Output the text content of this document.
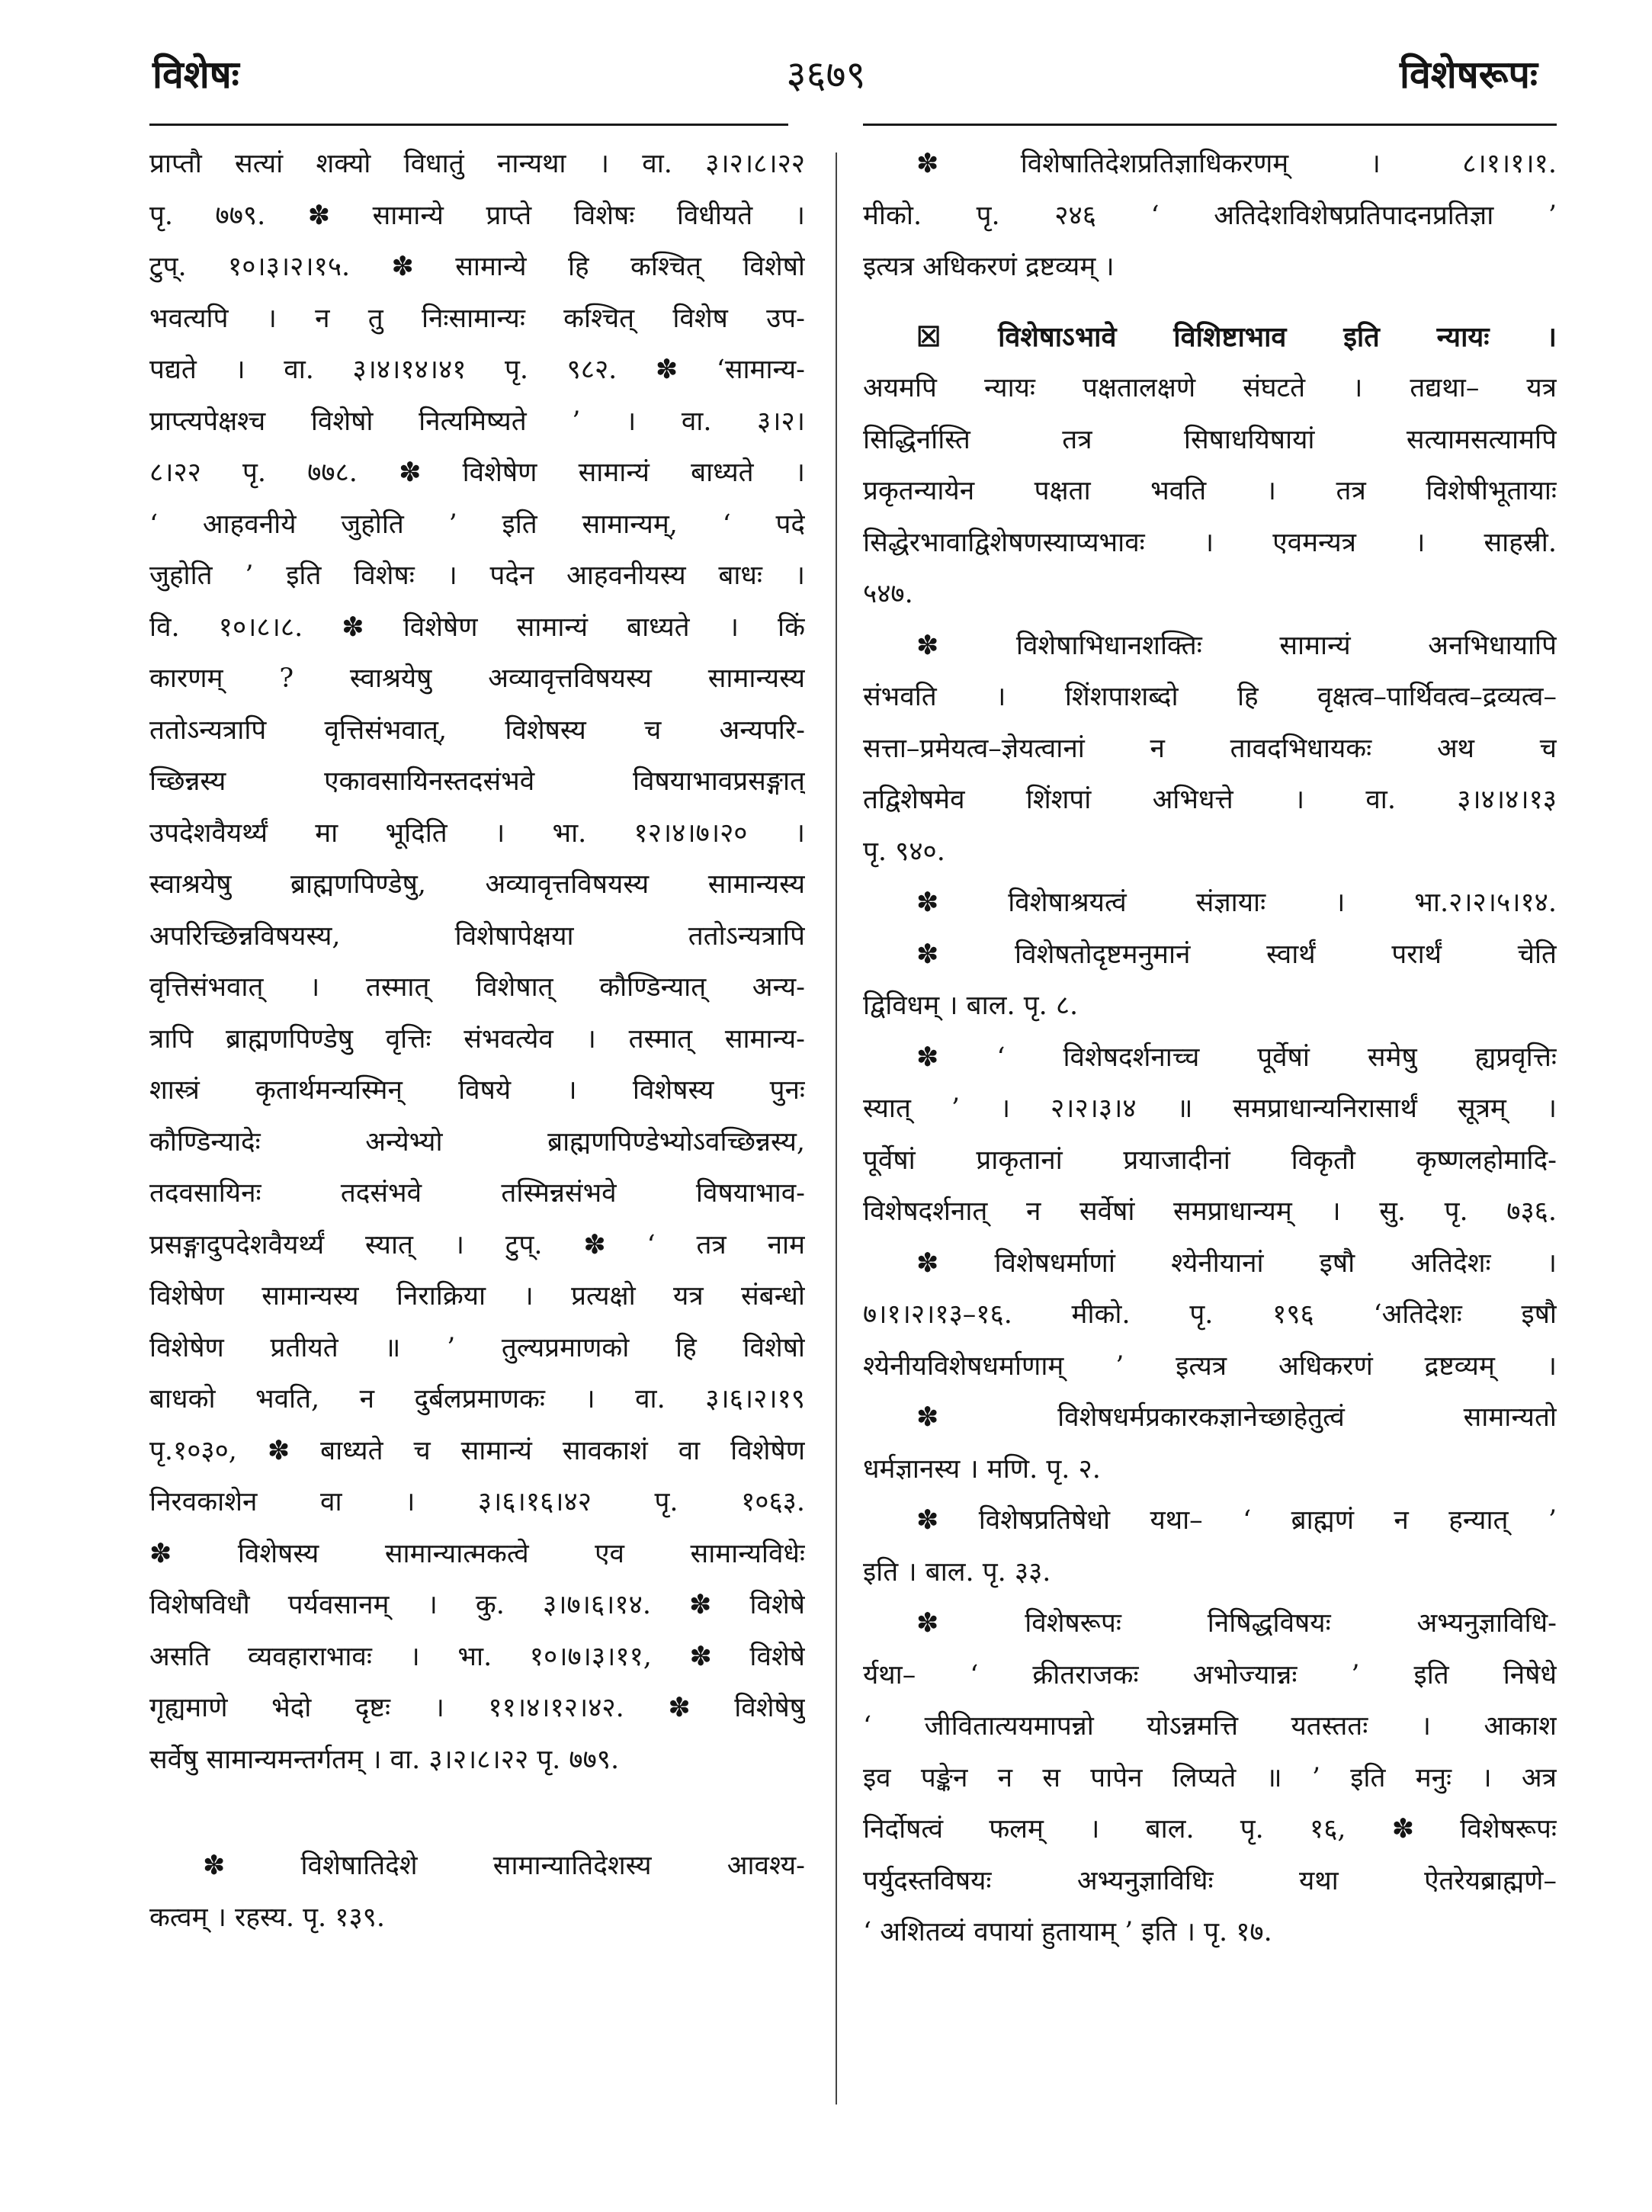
३६७९
विशेषः	विशेषरूपः
प्राप्तौ सत्यां शक्यो विधातुं नान्यथा । वा. ३।२।८।२२
पृ. ७७९. ✽ सामान्ये प्राप्ते विशेषः विधीयते ।
टुप्. १०।३।२।१५. ✽ सामान्ये हि कश्चित् विशेषो
भवत्यपि । न तु निःसामान्यः कश्चित् विशेष उप-
पद्यते । वा. ३।४।१४।४१ पृ. ९८२. ✽ ‘सामान्य-
प्राप्त्यपेक्षश्च विशेषो नित्यमिष्यते ’ । वा. ३।२।
८।२२ पृ. ७७८. ✽ विशेषेण सामान्यं बाध्यते ।
‘ आहवनीये जुहोति ’ इति सामान्यम्, ‘ पदे
जुहोति ’ इति विशेषः । पदेन आहवनीयस्य बाधः ।
वि. १०।८।८. ✽ विशेषेण सामान्यं बाध्यते । किं
कारणम् ? स्वाश्रयेषु अव्यावृत्तविषयस्य सामान्यस्य
ततोऽन्यत्रापि वृत्तिसंभवात्, विशेषस्य च अन्यपरि-
च्छिन्नस्य एकावसायिनस्तदसंभवे विषयाभावप्रसङ्गात्
उपदेशवैयर्थ्यं मा भूदिति । भा. १२।४।७।२० ।
स्वाश्रयेषु ब्राह्मणपिण्डेषु, अव्यावृत्तविषयस्य सामान्यस्य
अपरिच्छिन्नविषयस्य, विशेषापेक्षया ततोऽन्यत्रापि
वृत्तिसंभवात् । तस्मात् विशेषात् कौण्डिन्यात् अन्य-
त्रापि ब्राह्मणपिण्डेषु वृत्तिः संभवत्येव । तस्मात् सामान्य-
शास्त्रं कृतार्थमन्यस्मिन् विषये । विशेषस्य पुनः
कौण्डिन्यादेः अन्येभ्यो ब्राह्मणपिण्डेभ्योऽवच्छिन्नस्य,
तदवसायिनः तदसंभवे तस्मिन्नसंभवे विषयाभाव-
प्रसङ्गादुपदेशवैयर्थ्यं स्यात् । टुप्. ✽ ‘ तत्र नाम
विशेषेण सामान्यस्य निराक्रिया । प्रत्यक्षो यत्र संबन्धो
विशेषेण प्रतीयते ॥ ’ तुल्यप्रमाणको हि विशेषो
बाधको भवति, न दुर्बलप्रमाणकः । वा. ३।६।२।१९
पृ.१०३०, ✽ बाध्यते च सामान्यं सावकाशं वा विशेषेण
निरवकाशेन वा । ३।६।१६।४२ पृ. १०६३.
✽ विशेषस्य सामान्यात्मकत्वे एव सामान्यविधेः
विशेषविधौ पर्यवसानम् । कु. ३।७।६।१४. ✽ विशेषे
असति व्यवहाराभावः । भा. १०।७।३।११, ✽ विशेषे
गृह्यमाणे भेदो दृष्टः । ११।४।१२।४२. ✽ विशेषेषु
सर्वेषु सामान्यमन्तर्गतम् । वा. ३।२।८।२२ पृ. ७७९.
✽ विशेषातिदेशे सामान्यातिदेशस्य आवश्य-
कत्वम् । रहस्य. पृ. १३९.
✽ विशेषातिदेशप्रतिज्ञाधिकरणम् । ८।१।१।१.
मीको. पृ. २४६ ‘ अतिदेशविशेषप्रतिपादनप्रतिज्ञा ’
इत्यत्र अधिकरणं द्रष्टव्यम् ।
☒ विशेषाऽभावे विशिष्टाभाव इति न्यायः ।
अयमपि न्यायः पक्षतालक्षणे संघटते । तद्यथा– यत्र
सिद्धिर्नास्ति तत्र सिषाधयिषायां सत्यामसत्यामपि
प्रकृतन्यायेन पक्षता भवति । तत्र विशेषीभूतायाः
सिद्धेरभावाद्विशेषणस्याप्यभावः । एवमन्यत्र । साहस्री.
५४७.
✽ विशेषाभिधानशक्तिः सामान्यं अनभिधायापि
संभवति । शिंशपाशब्दो हि वृक्षत्व–पार्थिवत्व–द्रव्यत्व–
सत्ता–प्रमेयत्व–ज्ञेयत्वानां न तावदभिधायकः अथ च
तद्विशेषमेव शिंशपां अभिधत्ते । वा. ३।४।४।१३
पृ. ९४०.
✽ विशेषाश्रयत्वं संज्ञायाः । भा.२।२।५।१४.
✽ विशेषतोदृष्टमनुमानं स्वार्थं परार्थं चेति
द्विविधम् । बाल. पृ. ८.
✽ ‘ विशेषदर्शनाच्च पूर्वेषां समेषु ह्यप्रवृत्तिः
स्यात् ’ । २।२।३।४ ॥ समप्राधान्यनिरासार्थं सूत्रम् ।
पूर्वेषां प्राकृतानां प्रयाजादीनां विकृतौ कृष्णलहोमादि-
विशेषदर्शनात् न सर्वेषां समप्राधान्यम् । सु. पृ. ७३६.
✽ विशेषधर्माणां श्येनीयानां इषौ अतिदेशः ।
७।१।२।१३–१६. मीको. पृ. १९६ ‘अतिदेशः इषौ
श्येनीयविशेषधर्माणाम् ’ इत्यत्र अधिकरणं द्रष्टव्यम् ।
✽ विशेषधर्मप्रकारकज्ञानेच्छाहेतुत्वं सामान्यतो
धर्मज्ञानस्य । मणि. पृ. २.
✽ विशेषप्रतिषेधो यथा– ‘ ब्राह्मणं न हन्यात् ’
इति । बाल. पृ. ३३.
✽ विशेषरूपः निषिद्धविषयः अभ्यनुज्ञाविधि-
र्यथा– ‘ क्रीतराजकः अभोज्यान्नः ’ इति निषेधे
‘ जीवितात्ययमापन्नो योऽन्नमत्ति यतस्ततः । आकाश
इव पङ्केन न स पापेन लिप्यते ॥ ’ इति मनुः । अत्र
निर्दोषत्वं फलम् । बाल. पृ. १६, ✽ विशेषरूपः
पर्युदस्तविषयः अभ्यनुज्ञाविधिः यथा ऐतरेयब्राह्मणे–
‘ अशितव्यं वपायां हुतायाम् ’ इति । पृ. १७.
